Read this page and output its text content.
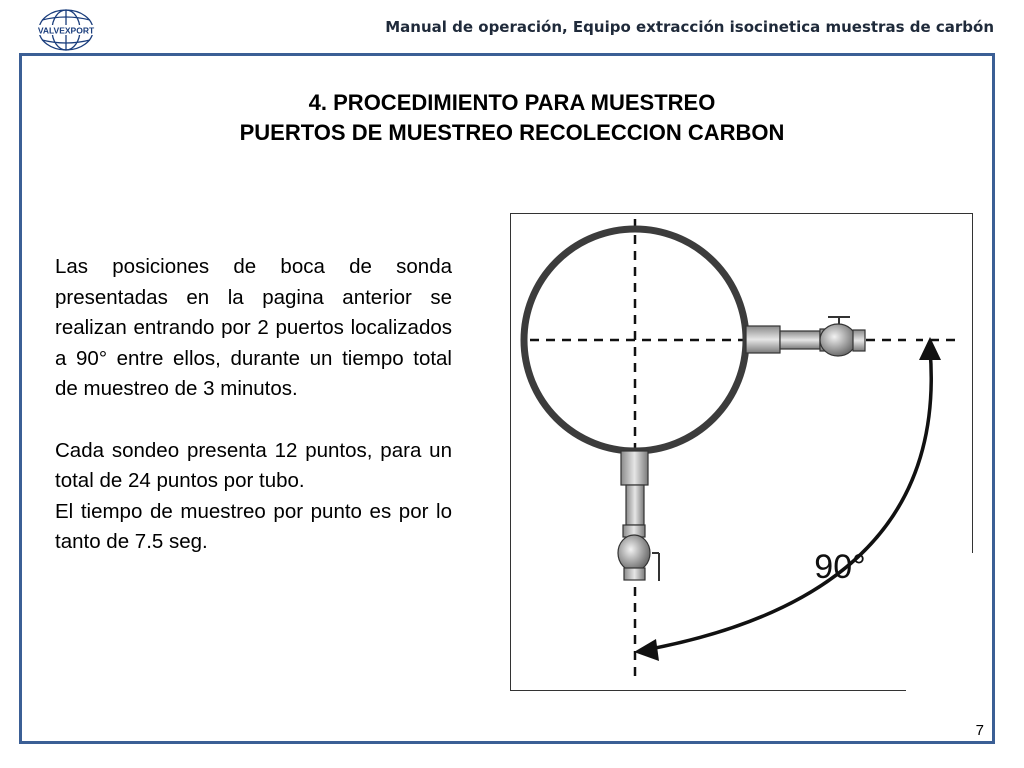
VALVEXPORT	Manual de operación, Equipo extracción isocinetica muestras de carbón
4. PROCEDIMIENTO PARA MUESTREO
PUERTOS DE MUESTREO RECOLECCION CARBON

Las posiciones de boca de sonda presentadas en la pagina anterior se realizan entrando por 2 puertos localizados a 90° entre ellos, durante un tiempo total de muestreo de 3 minutos.

Cada sondeo presenta 12 puntos, para un total de 24 puntos por tubo.

El tiempo de muestreo por punto es por lo tanto de 7.5 seg.

90°
7
